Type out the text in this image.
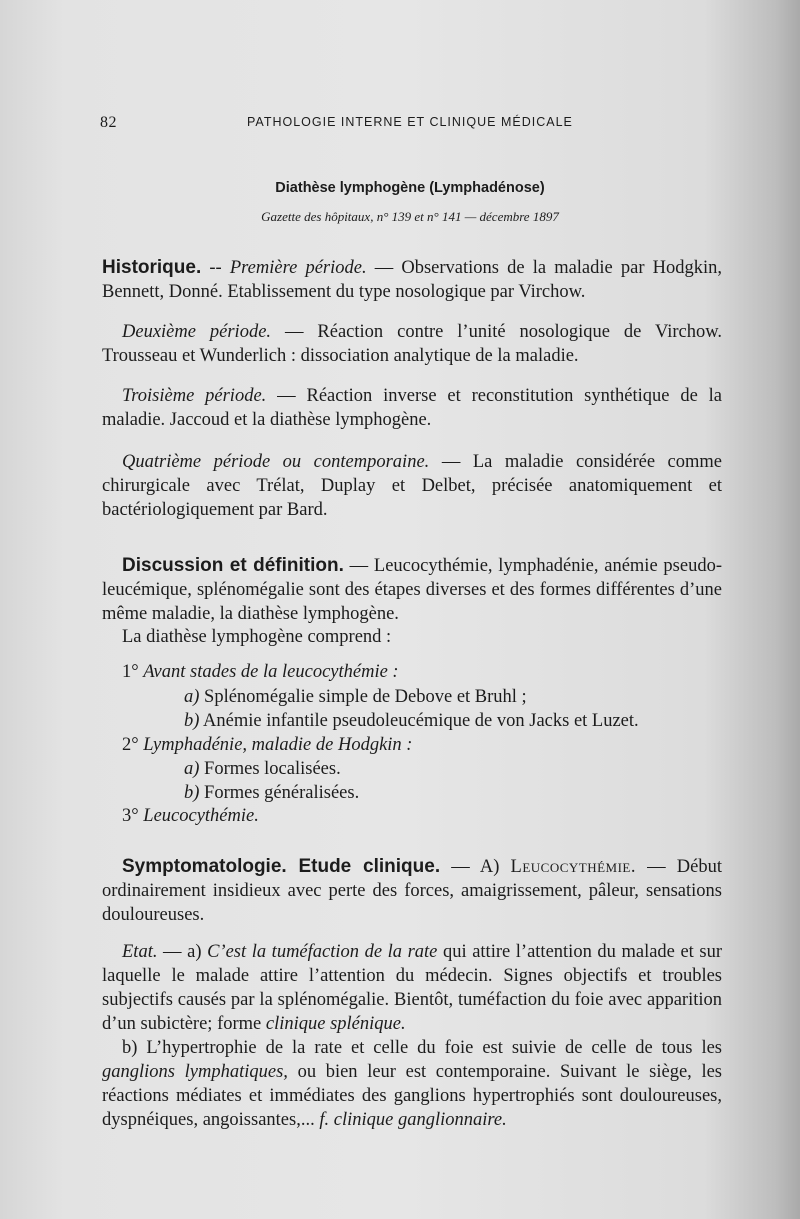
82	PATHOLOGIE INTERNE ET CLINIQUE MÉDICALE
Diathèse lymphogène (Lymphadénose)
Gazette des hôpitaux, n° 139 et n° 141 — décembre 1897

Historique. -- Première période. — Observations de la maladie par Hodgkin, Bennett, Donné. Etablissement du type nosologique par Virchow.

Deuxième période. — Réaction contre l’unité nosologique de Virchow. Trousseau et Wunderlich : dissociation analytique de la maladie.

Troisième période. — Réaction inverse et reconstitution synthétique de la maladie. Jaccoud et la diathèse lymphogène.

Quatrième période ou contemporaine. — La maladie considérée comme chirurgicale avec Trélat, Duplay et Delbet, précisée anatomiquement et bactériologiquement par Bard.

Discussion et définition. — Leucocythémie, lymphadénie, anémie pseudo-leucémique, splénomégalie sont des étapes diverses et des formes différentes d’une même maladie, la diathèse lymphogène.

La diathèse lymphogène comprend :
1° Avant stades de la leucocythémie :
a) Splénomégalie simple de Debove et Bruhl ;
b) Anémie infantile pseudoleucémique de von Jacks et Luzet.
2° Lymphadénie, maladie de Hodgkin :
a) Formes localisées.
b) Formes généralisées.
3° Leucocythémie.

Symptomatologie. Etude clinique. — A) Leucocythémie. — Début ordinairement insidieux avec perte des forces, amaigrissement, pâleur, sensations douloureuses.

Etat. — a) C’est la tuméfaction de la rate qui attire l’attention du malade et sur laquelle le malade attire l’attention du médecin. Signes objectifs et troubles subjectifs causés par la splénomégalie. Bientôt, tuméfaction du foie avec apparition d’un subictère; forme clinique splénique.

b) L’hypertrophie de la rate et celle du foie est suivie de celle de tous les ganglions lymphatiques, ou bien leur est contemporaine. Suivant le siège, les réactions médiates et immédiates des ganglions hypertrophiés sont douloureuses, dyspnéiques, angoissantes,... f. clinique ganglionnaire.
